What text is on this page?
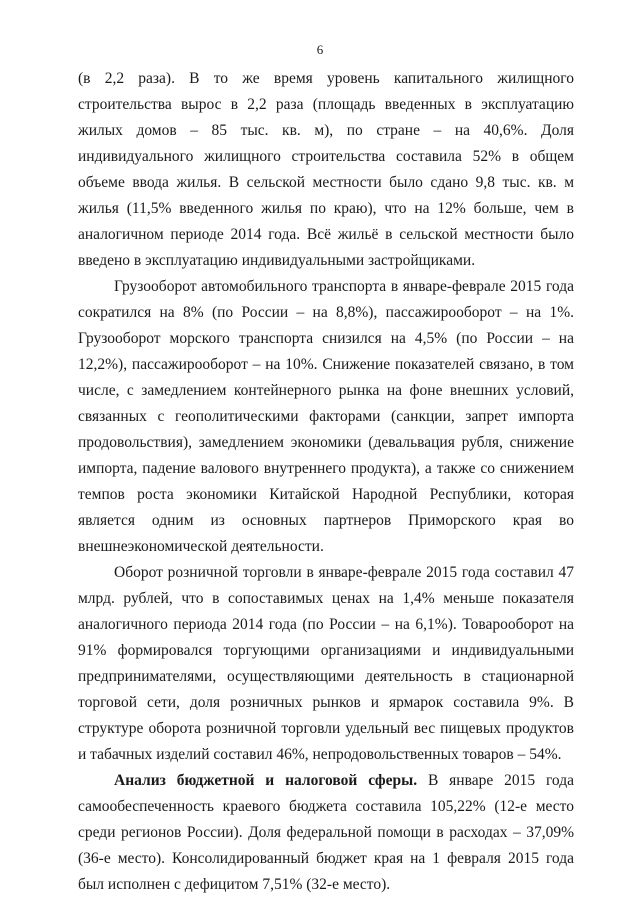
6

(в 2,2 раза). В то же время уровень капитального жилищного строительства вырос в 2,2 раза (площадь введенных в эксплуатацию жилых домов – 85 тыс. кв. м), по стране – на 40,6%. Доля индивидуального жилищного строительства составила 52% в общем объеме ввода жилья. В сельской местности было сдано 9,8 тыс. кв. м жилья (11,5% введенного жилья по краю), что на 12% больше, чем в аналогичном периоде 2014 года. Всё жильё в сельской местности было введено в эксплуатацию индивидуальными застройщиками.

Грузооборот автомобильного транспорта в январе-феврале 2015 года сократился на 8% (по России – на 8,8%), пассажирооборот – на 1%. Грузооборот морского транспорта снизился на 4,5% (по России – на 12,2%), пассажирооборот – на 10%. Снижение показателей связано, в том числе, с замедлением контейнерного рынка на фоне внешних условий, связанных с геополитическими факторами (санкции, запрет импорта продовольствия), замедлением экономики (девальвация рубля, снижение импорта, падение валового внутреннего продукта), а также со снижением темпов роста экономики Китайской Народной Республики, которая является одним из основных партнеров Приморского края во внешнеэкономической деятельности.

Оборот розничной торговли в январе-феврале 2015 года составил 47 млрд. рублей, что в сопоставимых ценах на 1,4% меньше показателя аналогичного периода 2014 года (по России – на 6,1%). Товарооборот на 91% формировался торгующими организациями и индивидуальными предпринимателями, осуществляющими деятельность в стационарной торговой сети, доля розничных рынков и ярмарок составила 9%. В структуре оборота розничной торговли удельный вес пищевых продуктов и табачных изделий составил 46%, непродовольственных товаров – 54%.

Анализ бюджетной и налоговой сферы. В январе 2015 года самообеспеченность краевого бюджета составила 105,22% (12-е место среди регионов России). Доля федеральной помощи в расходах – 37,09% (36-е место). Консолидированный бюджет края на 1 февраля 2015 года был исполнен с дефицитом 7,51% (32-е место).
